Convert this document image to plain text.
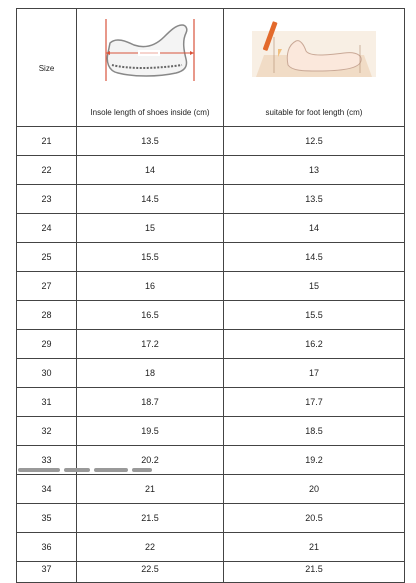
Size	Insole length of shoes inside (cm)	suitable for foot length (cm)

21	13.5	12.5
22	14	13
23	14.5	13.5
24	15	14
25	15.5	14.5
27	16	15
28	16.5	15.5
29	17.2	16.2
30	18	17
31	18.7	17.7
32	19.5	18.5
33	20.2	19.2
34	21	20
35	21.5	20.5
36	22	21
37	22.5	21.5
